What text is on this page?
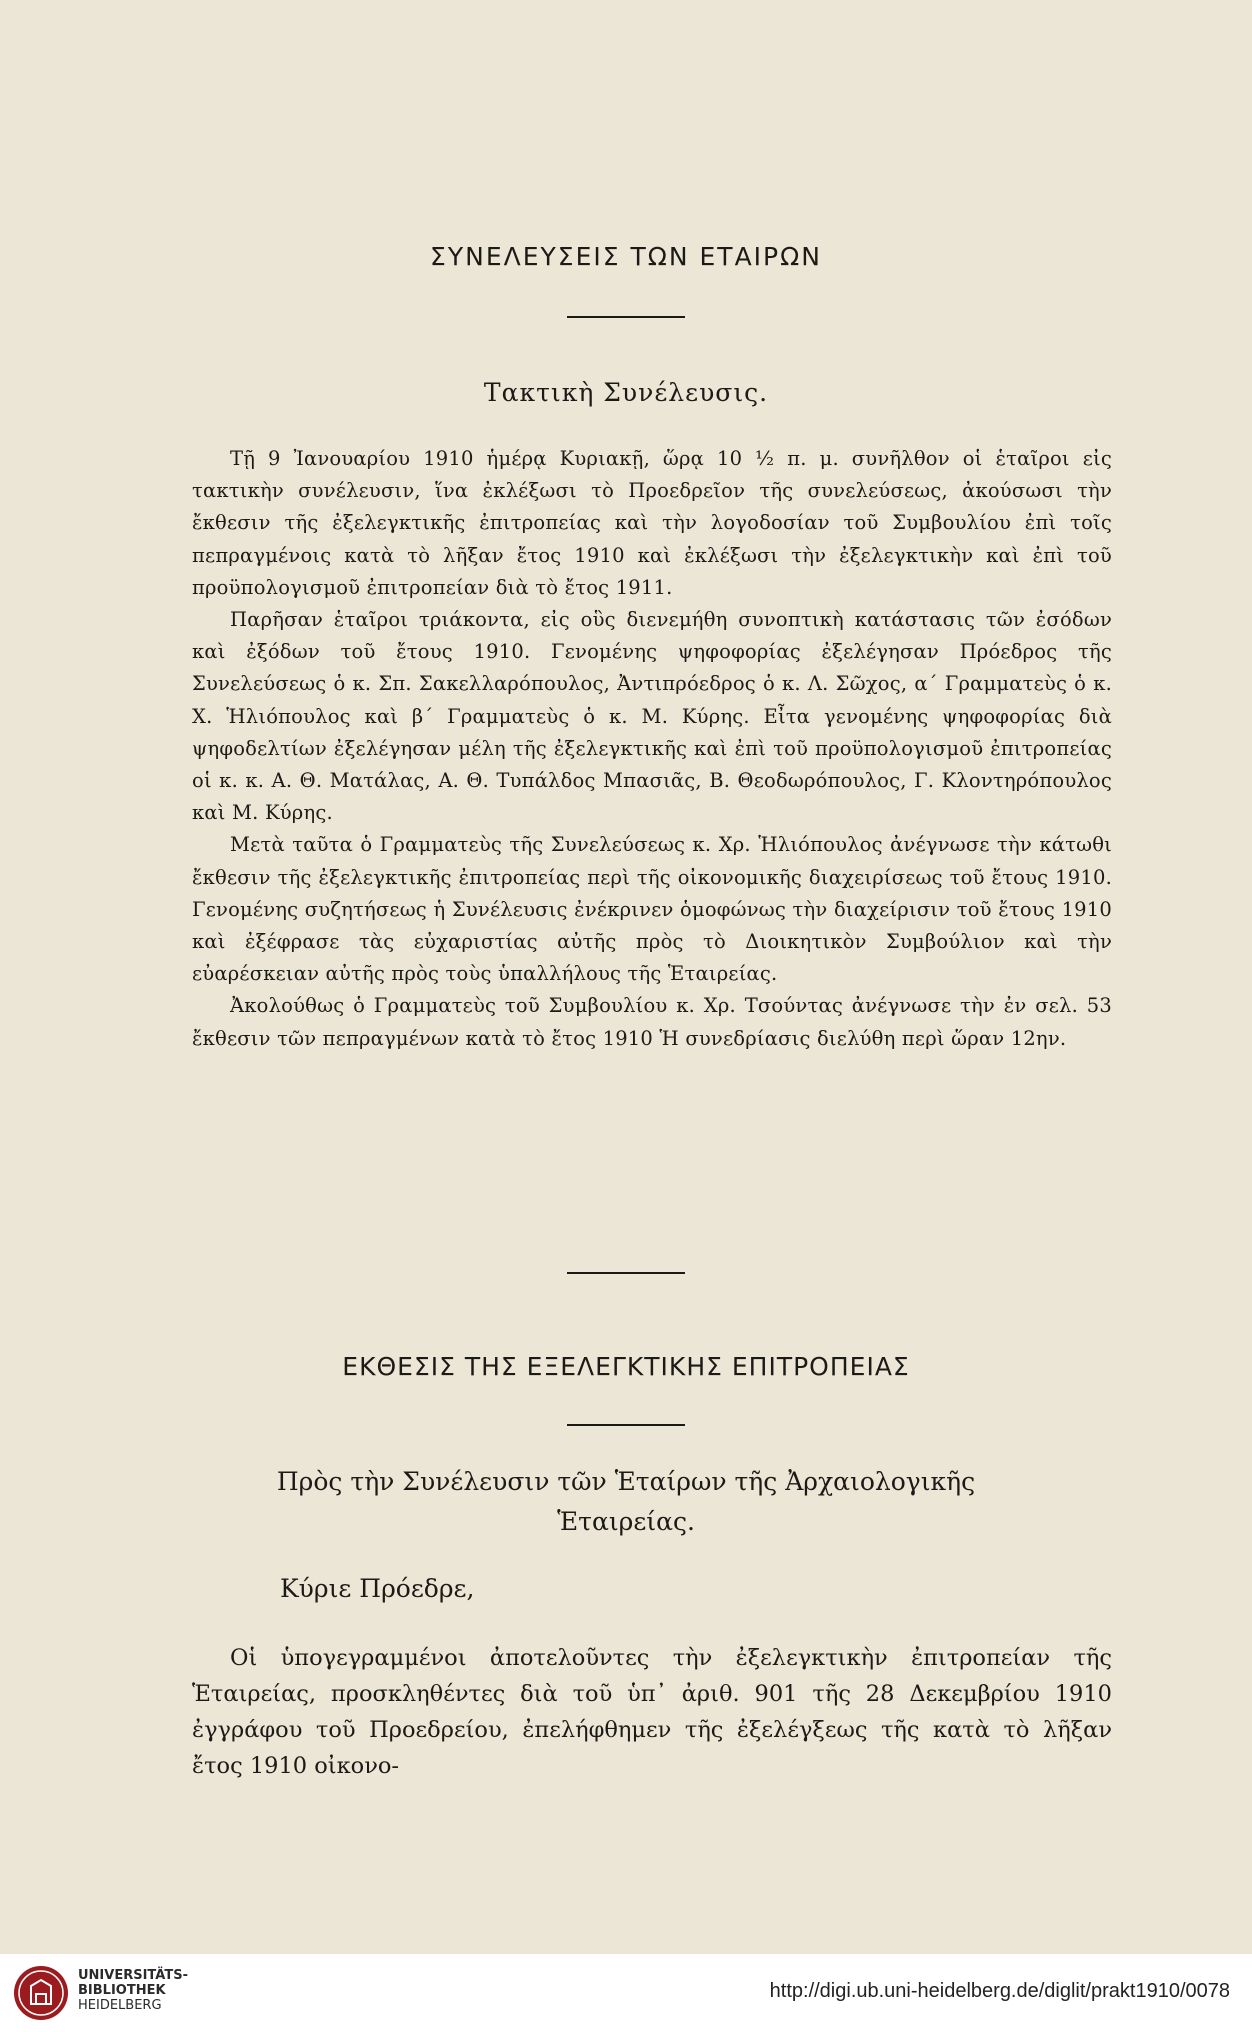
ΣΥΝΕΛΕΥΣΕΙΣ ΤΩΝ ΕΤΑΙΡΩΝ
Τακτικὴ Συνέλευσις.

Τῇ 9 Ἰανουαρίου 1910 ἡμέρᾳ Κυριακῇ, ὥρᾳ 10 ½ π. μ. συνῆλθον οἱ ἑταῖροι εἰς τακτικὴν συνέλευσιν, ἵνα ἐκλέξωσι τὸ Προεδρεῖον τῆς συνελεύσεως, ἀκούσωσι τὴν ἔκθεσιν τῆς ἐξελεγκτικῆς ἐπιτροπείας καὶ τὴν λογοδοσίαν τοῦ Συμβουλίου ἐπὶ τοῖς πεπραγμένοις κατὰ τὸ λῆξαν ἔτος 1910 καὶ ἐκλέξωσι τὴν ἐξελεγκτικὴν καὶ ἐπὶ τοῦ προϋπολογισμοῦ ἐπιτροπείαν διὰ τὸ ἔτος 1911.

Παρῆσαν ἑταῖροι τριάκοντα, εἰς οὓς διενεμήθη συνοπτικὴ κατάστασις τῶν ἐσόδων καὶ ἐξόδων τοῦ ἔτους 1910. Γενομένης ψηφοφορίας ἐξελέγησαν Πρόεδρος τῆς Συνελεύσεως ὁ κ. Σπ. Σακελλαρόπουλος, Ἀντιπρόεδρος ὁ κ. Λ. Σῶχος, α´ Γραμματεὺς ὁ κ. Χ. Ἡλιόπουλος καὶ β´ Γραμματεὺς ὁ κ. Μ. Κύρης. Εἶτα γενομένης ψηφοφορίας διὰ ψηφοδελτίων ἐξελέγησαν μέλη τῆς ἐξελεγκτικῆς καὶ ἐπὶ τοῦ προϋπολογισμοῦ ἐπιτροπείας οἱ κ. κ. Α. Θ. Ματάλας, Α. Θ. Τυπάλδος Μπασιᾶς, Β. Θεοδωρόπουλος, Γ. Κλοντηρόπουλος καὶ Μ. Κύρης.

Μετὰ ταῦτα ὁ Γραμματεὺς τῆς Συνελεύσεως κ. Χρ. Ἡλιόπουλος ἀνέγνωσε τὴν κάτωθι ἔκθεσιν τῆς ἐξελεγκτικῆς ἐπιτροπείας περὶ τῆς οἰκονομικῆς διαχειρίσεως τοῦ ἔτους 1910. Γενομένης συζητήσεως ἡ Συνέλευσις ἐνέκρινεν ὁμοφώνως τὴν διαχείρισιν τοῦ ἔτους 1910 καὶ ἐξέφρασε τὰς εὐχαριστίας αὐτῆς πρὸς τὸ Διοικητικὸν Συμβούλιον καὶ τὴν εὐαρέσκειαν αὐτῆς πρὸς τοὺς ὑπαλλήλους τῆς Ἑταιρείας.

Ἀκολούθως ὁ Γραμματεὺς τοῦ Συμβουλίου κ. Χρ. Τσούντας ἀνέγνωσε τὴν ἐν σελ. 53 ἔκθεσιν τῶν πεπραγμένων κατὰ τὸ ἔτος 1910 Ἡ συνεδρίασις διελύθη περὶ ὥραν 12ην.

ΕΚΘΕΣΙΣ ΤΗΣ ΕΞΕΛΕΓΚΤΙΚΗΣ ΕΠΙΤΡΟΠΕΙΑΣ
Πρὸς τὴν Συνέλευσιν τῶν Ἑταίρων τῆς Ἀρχαιολογικῆς
Ἑταιρείας.
Κύριε Πρόεδρε,

Οἱ ὑπογεγραμμένοι ἀποτελοῦντες τὴν ἐξελεγκτικὴν ἐπιτροπείαν τῆς Ἑταιρείας, προσκληθέντες διὰ τοῦ ὑπ᾽ ἀριθ. 901 τῆς 28 Δεκεμβρίου 1910 ἐγγράφου τοῦ Προεδρείου, ἐπελήφθημεν τῆς ἐξελέγξεως τῆς κατὰ τὸ λῆξαν ἔτος 1910 οἰκονο-

UNIVERSITÄTS-
BIBLIOTHEK
HEIDELBERG
http://digi.ub.uni-heidelberg.de/diglit/prakt1910/0078
